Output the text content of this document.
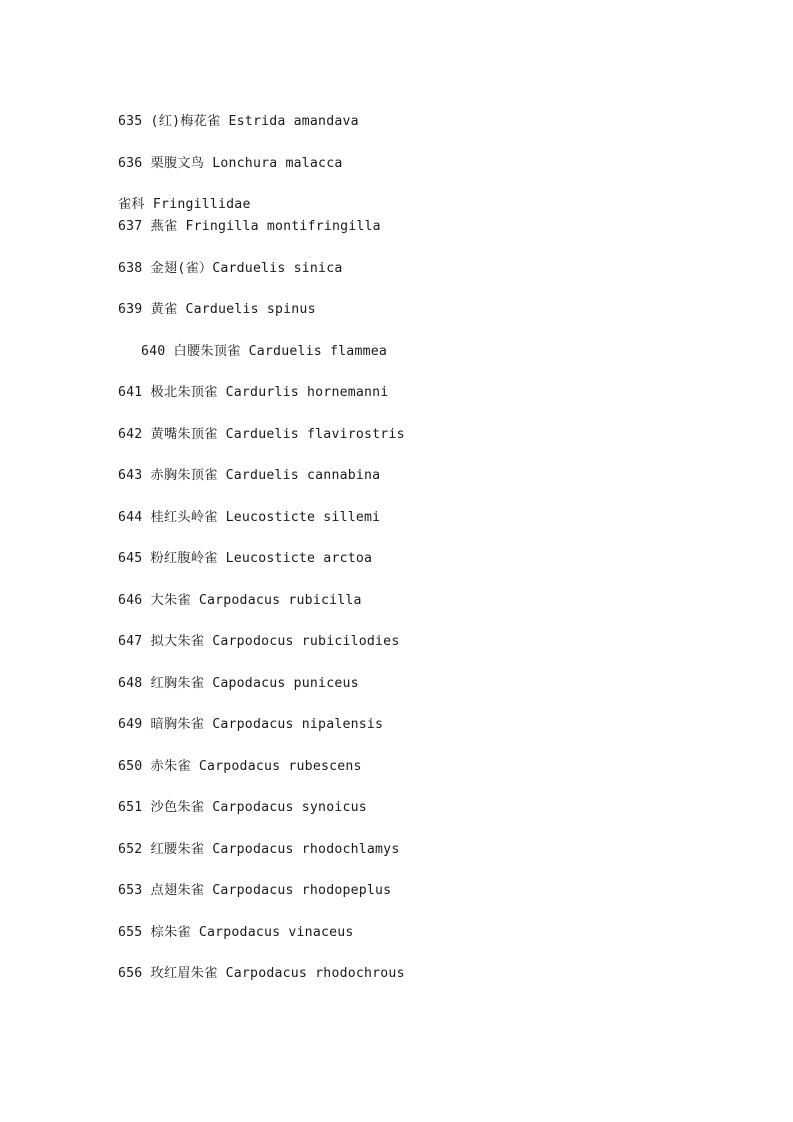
635 (红)梅花雀 Estrida amandava

636 栗腹文鸟 Lonchura malacca

雀科 Fringillidae

637 燕雀 Fringilla montifringilla

638 金翅(雀）Carduelis sinica

639 黄雀 Carduelis spinus

640 白腰朱顶雀 Carduelis flammea

641 极北朱顶雀 Cardurlis hornemanni

642 黄嘴朱顶雀 Carduelis flavirostris

643 赤胸朱顶雀 Carduelis cannabina

644 桂红头岭雀 Leucosticte sillemi

645 粉红腹岭雀 Leucosticte arctoa

646 大朱雀 Carpodacus rubicilla

647 拟大朱雀 Carpodocus rubicilodies

648 红胸朱雀 Capodacus puniceus

649 暗胸朱雀 Carpodacus nipalensis

650 赤朱雀 Carpodacus rubescens

651 沙色朱雀 Carpodacus synoicus

652 红腰朱雀 Carpodacus rhodochlamys

653 点翅朱雀 Carpodacus rhodopeplus

655 棕朱雀 Carpodacus vinaceus

656 玫红眉朱雀 Carpodacus rhodochrous
